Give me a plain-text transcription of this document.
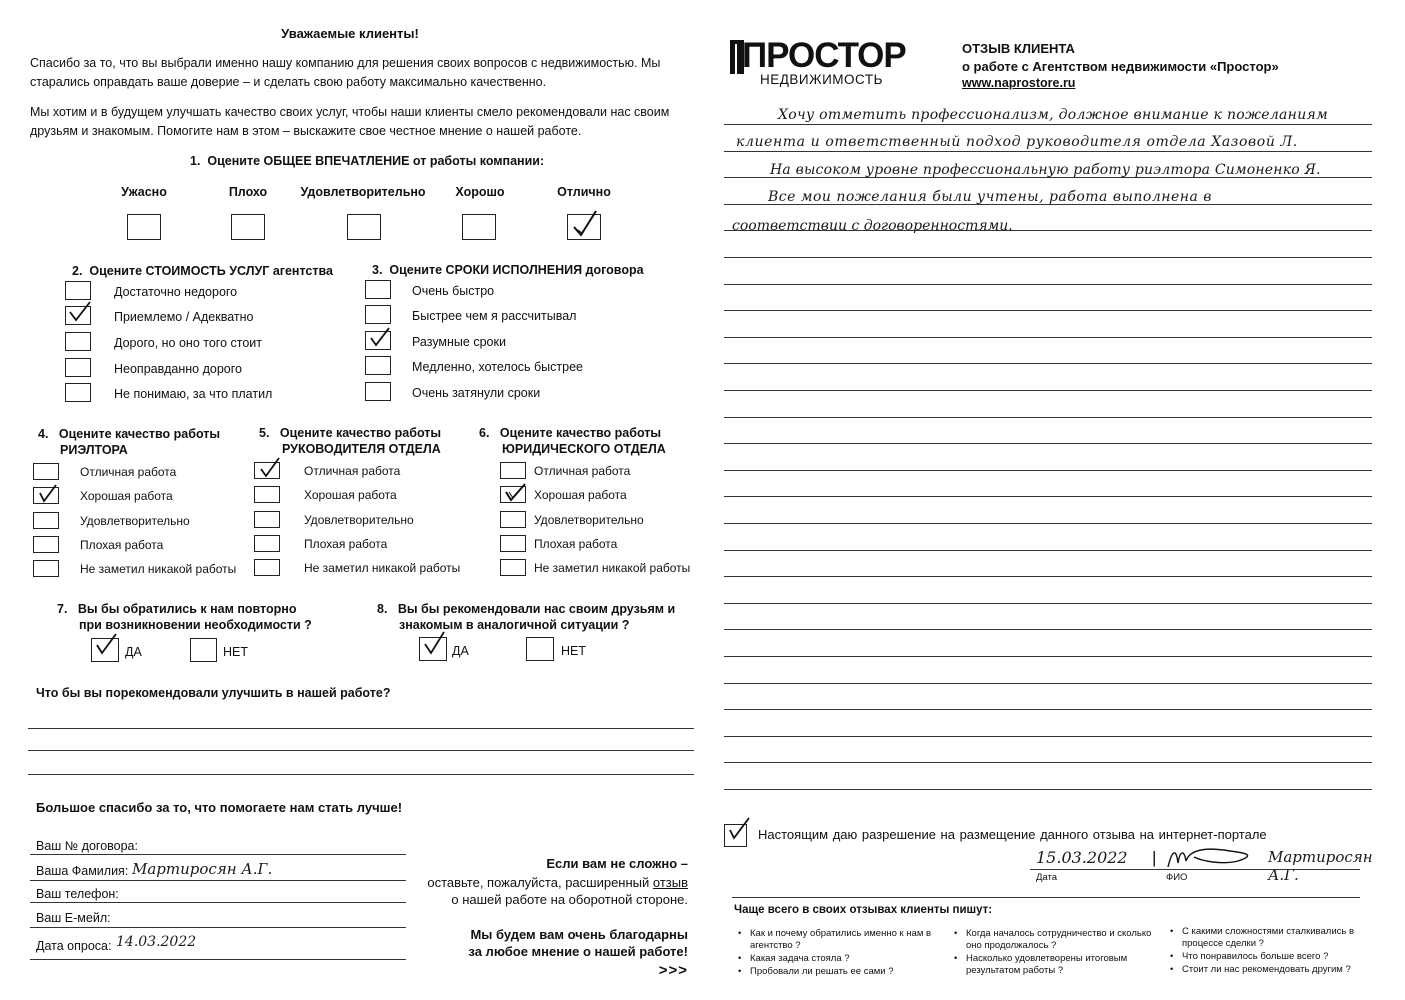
Уважаемые клиенты!
Спасибо за то, что вы выбрали именно нашу компанию для решения своих вопросов с недвижимостью. Мы старались оправдать ваше доверие – и сделать свою работу максимально качественно.
Мы хотим и в будущем улучшать качество своих услуг, чтобы наши клиенты смело рекомендовали нас своим друзьям и знакомым. Помогите нам в этом – выскажите свое честное мнение о нашей работе.
1. Оцените ОБЩЕЕ ВПЕЧАТЛЕНИЕ от работы компании:
Ужасно	Плохо	Удовлетворительно	Хорошо	Отлично
2. Оцените СТОИМОСТЬ УСЛУГ агентства
Достаточно недорого
Приемлемо / Адекватно
Дорого, но оно того стоит
Неоправданно дорого
Не понимаю, за что платил
3. Оцените СРОКИ ИСПОЛНЕНИЯ договора
Очень быстро
Быстрее чем я рассчитывал
Разумные сроки
Медленно, хотелось быстрее
Очень затянули сроки
4. Оцените качество работы
РИЭЛТОРА
Отличная работа
Хорошая работа
Удовлетворительно
Плохая работа
Не заметил никакой работы
5. Оцените качество работы
РУКОВОДИТЕЛЯ ОТДЕЛА
Отличная работа
Хорошая работа
Удовлетворительно
Плохая работа
Не заметил никакой работы
6. Оцените качество работы
ЮРИДИЧЕСКОГО ОТДЕЛА
Отличная работа
Хорошая работа
Удовлетворительно
Плохая работа
Не заметил никакой работы
7. Вы бы обратились к нам повторно
при возникновении необходимости ?
ДА	НЕТ
8. Вы бы рекомендовали нас своим друзьям и
знакомым в аналогичной ситуации ?
ДА	НЕТ
Что бы вы порекомендовали улучшить в нашей работе?
Большое спасибо за то, что помогаете нам стать лучше!
Ваш № договора:
Ваша Фамилия: Мартиросян А.Г.
Ваш телефон:
Ваш Е-мейл:
Дата опроса: 14.03.2022
Если вам не сложно –
оставьте, пожалуйста, расширенный отзыв
о нашей работе на оборотной стороне.
Мы будем вам очень благодарны
за любое мнение о нашей работе!
>>>
ПРОСТОР
НЕДВИЖИМОСТЬ
ОТЗЫВ КЛИЕНТА
о работе с Агентством недвижимости «Простор»
www.naprostore.ru
Хочу отметить профессионализм, должное внимание к пожеланиям
клиента и ответственный подход руководителя отдела Хазовой Л.
На высоком уровне профессиональную работу риэлтора Симоненко Я.
Все мои пожелания были учтены, работа выполнена в
соответствии с договоренностями.
Настоящим даю разрешение на размещение данного отзыва на интернет-портале
15.03.2022 |	Мартиросян А.Г.
Дата	ФИО
Чаще всего в своих отзывах клиенты пишут:
• Как и почему обратились именно к нам в агентство ?
• Какая задача стояла ?
• Пробовали ли решать ее сами ?
• Когда началось сотрудничество и сколько оно продолжалось ?
• Насколько удовлетворены итоговым результатом работы ?
• С какими сложностями сталкивались в процессе сделки ?
• Что понравилось больше всего ?
• Стоит ли нас рекомендовать другим ?
